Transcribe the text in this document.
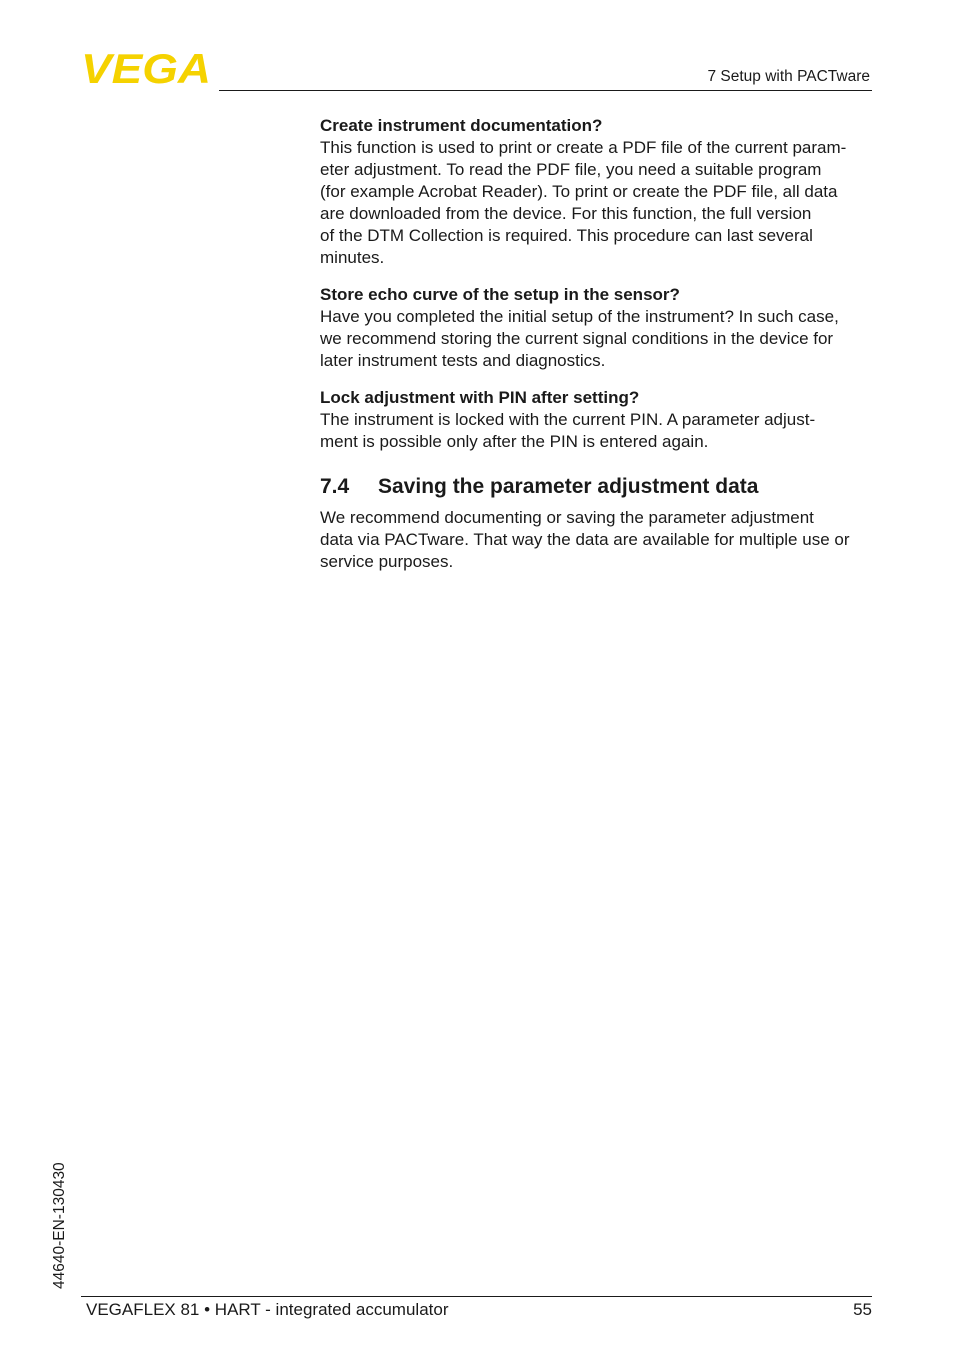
VEGA	7 Setup with PACTware
Create instrument documentation?

This function is used to print or create a PDF file of the current param-
eter adjustment. To read the PDF file, you need a suitable program
(for example Acrobat Reader). To print or create the PDF file, all data
are downloaded from the device. For this function, the full version
of the DTM Collection is required. This procedure can last several
minutes.

Store echo curve of the setup in the sensor?

Have you completed the initial setup of the instrument? In such case,
we recommend storing the current signal conditions in the device for
later instrument tests and diagnostics.

Lock adjustment with PIN after setting?

The instrument is locked with the current PIN. A parameter adjust-
ment is possible only after the PIN is entered again.

7.4 Saving the parameter adjustment data

We recommend documenting or saving the parameter adjustment
data via PACTware. That way the data are available for multiple use or
service purposes.

44640-EN-130430
VEGAFLEX 81 • HART - integrated accumulator	55
